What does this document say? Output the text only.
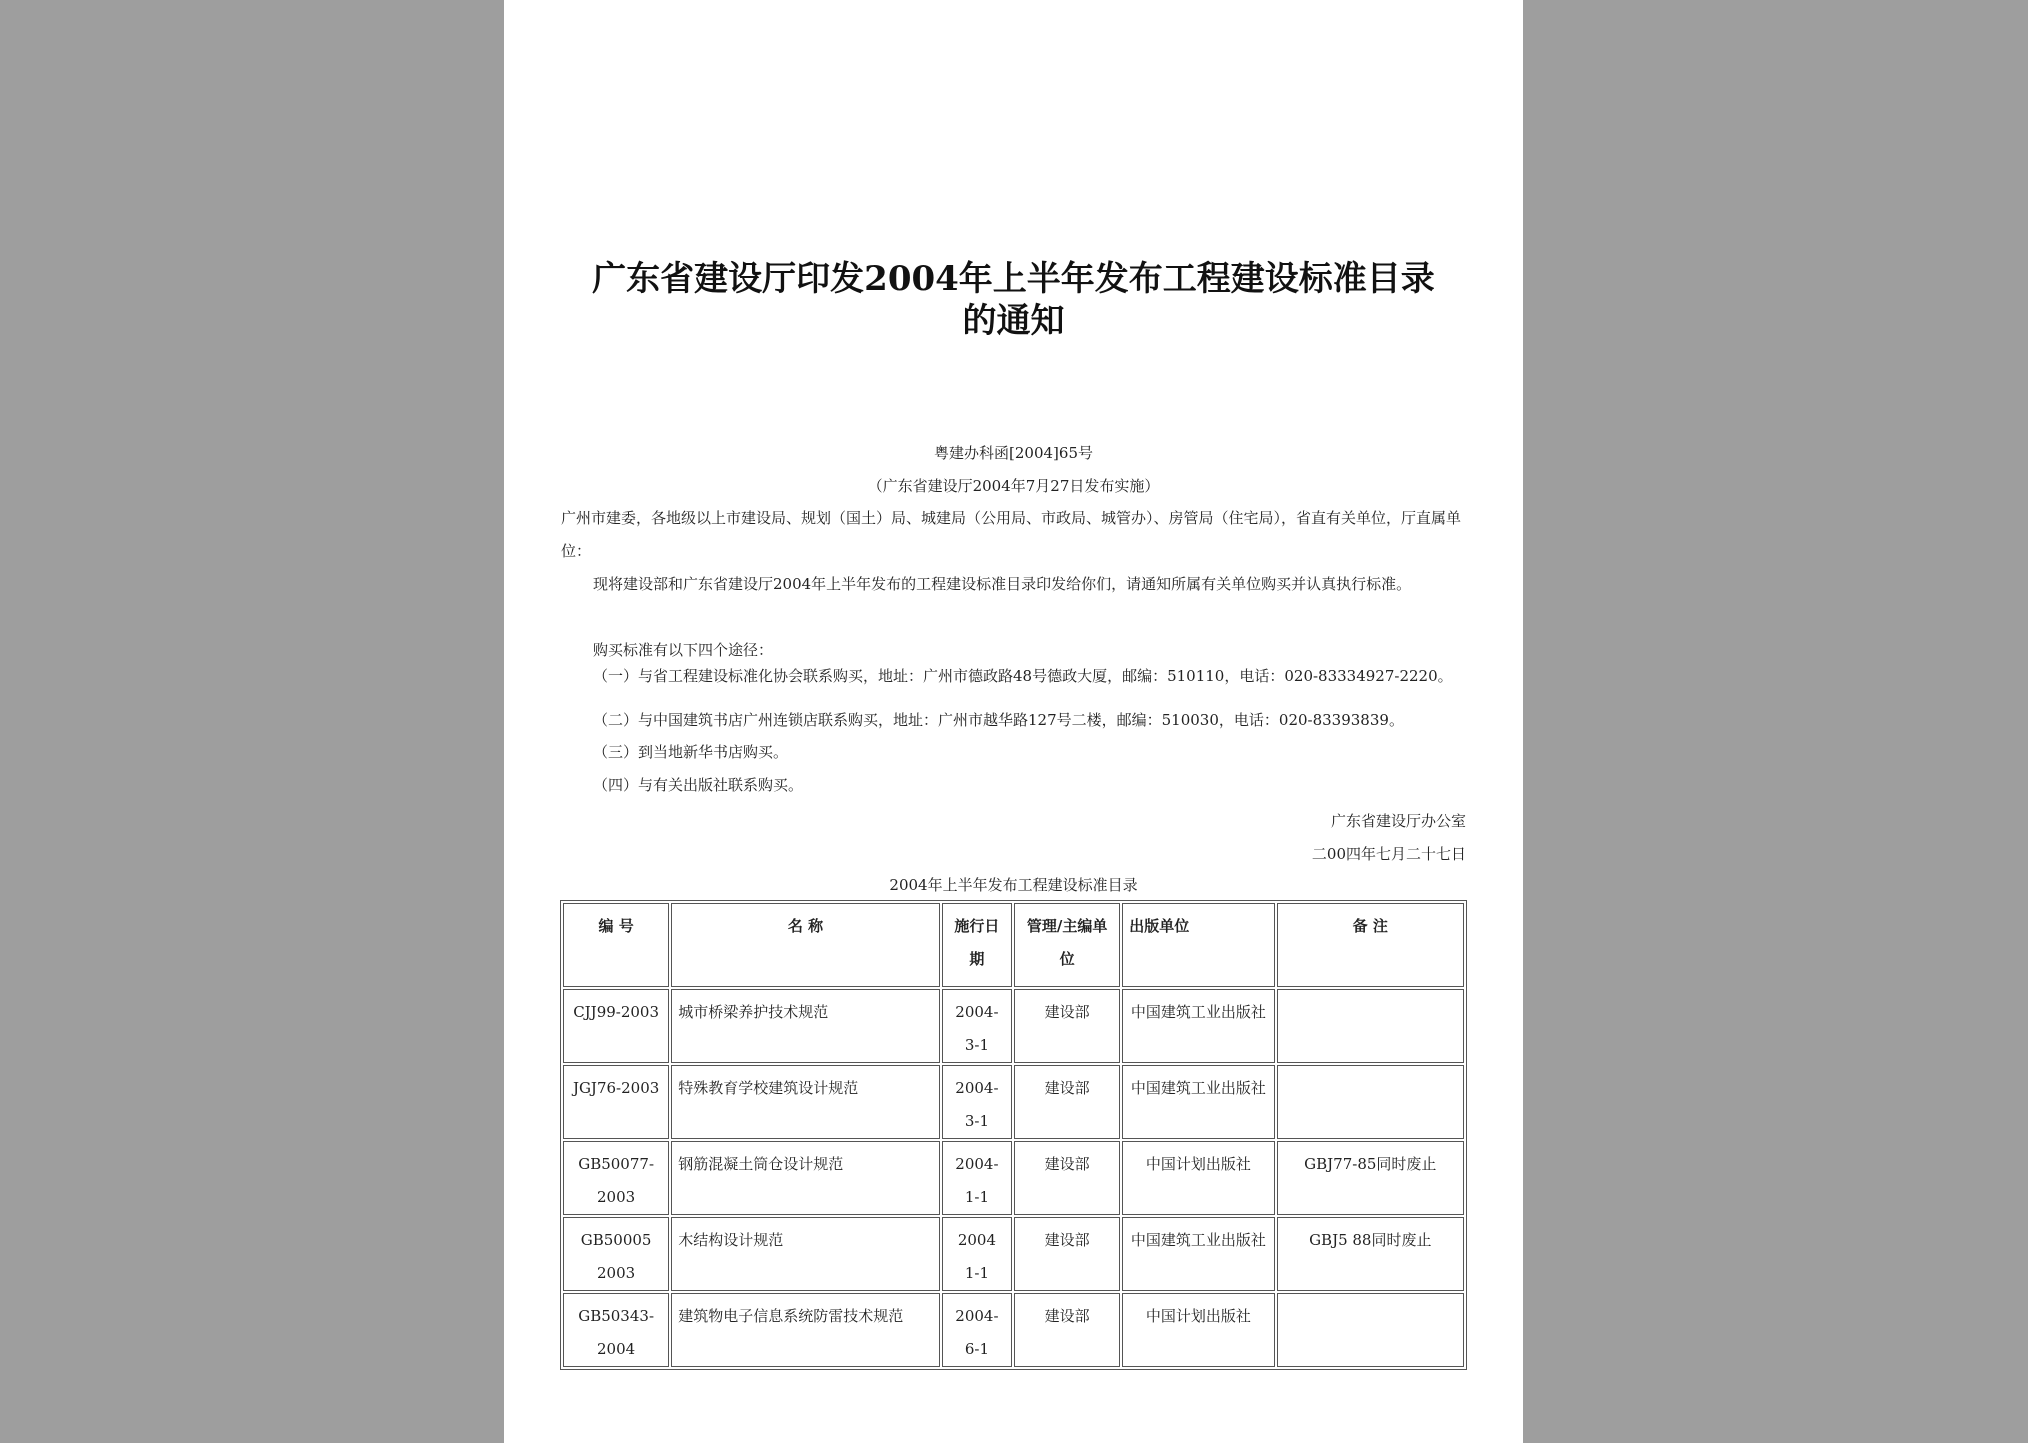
广东省建设厅印发2004年上半年发布工程建设标准目录
的通知
粤建办科函[2004]65号
（广东省建设厅2004年7月27日发布实施）
广州市建委，各地级以上市建设局、规划（国土）局、城建局（公用局、市政局、城管办）、房管局（住宅局），省直有关单位，厅直属单位：
现将建设部和广东省建设厅2004年上半年发布的工程建设标准目录印发给你们，请通知所属有关单位购买并认真执行标准。
购买标准有以下四个途径：
（一）与省工程建设标准化协会联系购买，地址：广州市德政路48号德政大厦，邮编：510110，电话：020-83334927-2220。
（二）与中国建筑书店广州连锁店联系购买，地址：广州市越华路127号二楼，邮编：510030，电话：020-83393839。
（三）到当地新华书店购买。
（四）与有关出版社联系购买。
广东省建设厅办公室
二00四年七月二十七日
2004年上半年发布工程建设标准目录
编 号	名 称	施行日期	管理/主编单位	出版单位	备 注
CJJ99-2003	城市桥梁养护技术规范	2004-3-1	建设部	中国建筑工业出版社	
JGJ76-2003	特殊教育学校建筑设计规范	2004-3-1	建设部	中国建筑工业出版社	
GB50077-2003	钢筋混凝土筒仓设计规范	2004-1-1	建设部	中国计划出版社	GBJ77-85同时废止
GB50005 2003	木结构设计规范	2004 1-1	建设部	中国建筑工业出版社	GBJ5 88同时废止
GB50343-2004	建筑物电子信息系统防雷技术规范	2004-6-1	建设部	中国计划出版社	
